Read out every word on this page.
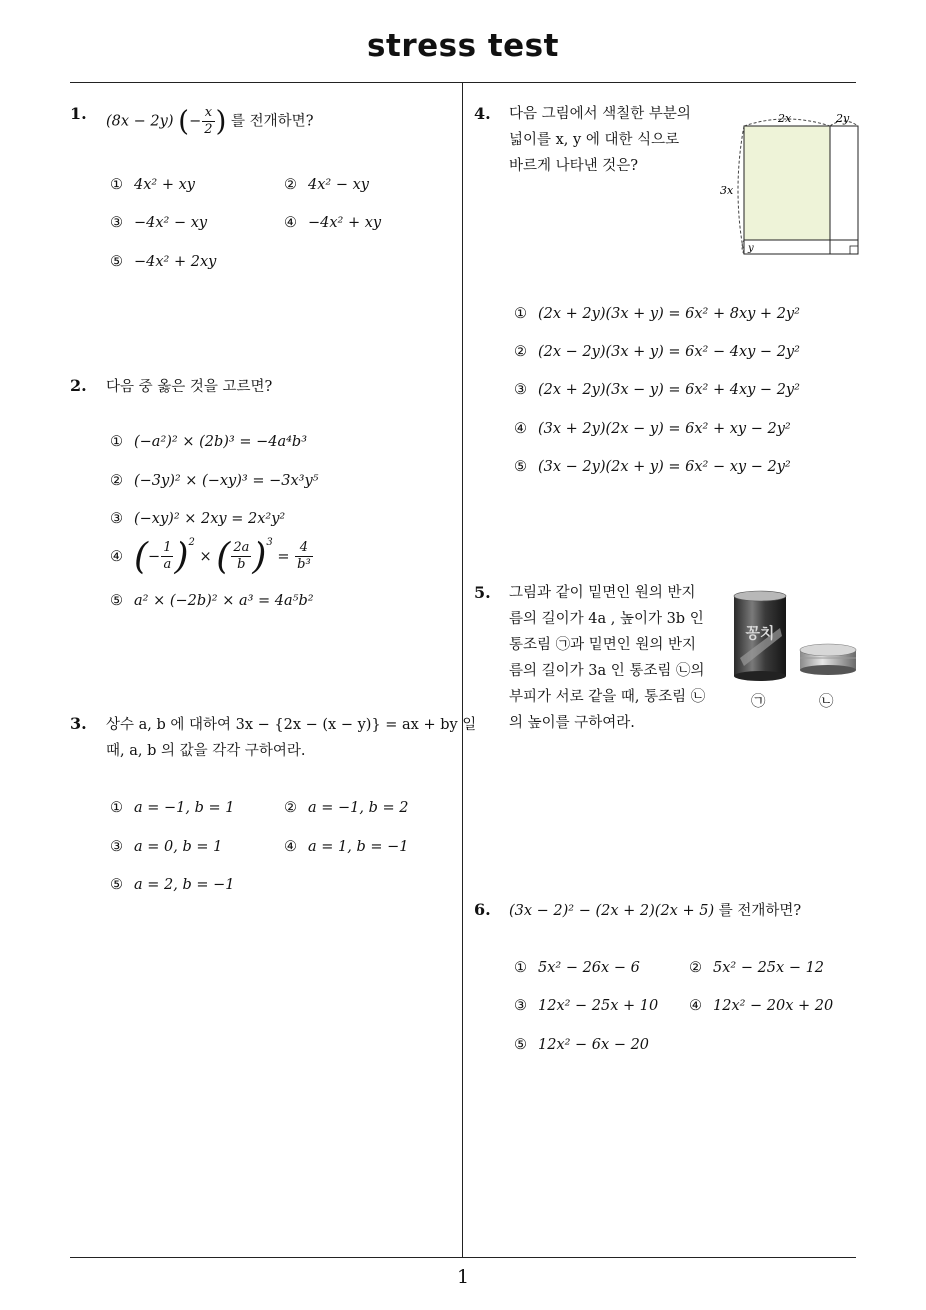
stress test
1
1. (8x − 2y) (− $\frac{x}{2}$ ) 를 전개하면?
① 4x² + xy	② 4x² − xy
③ −4x² − xy	④ −4x² + xy
⑤ −4x² + 2xy
2. 다음 중 옳은 것을 고르면?
① (−a²)² × (2b)³ = −4a⁴b³
② (−3y)² × (−xy)³ = −3x³y⁵
③ (−xy)² × 2xy = 2x²y²
④ (− $\frac{1}{a} )^2$ × ( $\frac{2a}{b} )^3 = \frac{4}{\text{b³}}$
⑤ a² × (−2b)² × a³ = 4a⁵b²
3. 상수 a, b 에 대하여 3x − {2x − (x − y)} = ax + by 일
때, a, b 의 값을 각각 구하여라.
① a = −1, b = 1	② a = −1, b = 2
③ a = 0, b = 1	④ a = 1, b = −1
⑤ a = 2, b = −1
4. 다음 그림에서 색칠한 부분의
넓이를 x, y 에 대한 식으로
바르게 나타낸 것은?
2x	2y
3x
y
① (2x + 2y)(3x + y) = 6x² + 8xy + 2y²
② (2x − 2y)(3x + y) = 6x² − 4xy − 2y²
③ (2x + 2y)(3x − y) = 6x² + 4xy − 2y²
④ (3x + 2y)(2x − y) = 6x² + xy − 2y²
⑤ (3x − 2y)(2x + y) = 6x² − xy − 2y²
5. 그림과 같이 밑면인 원의 반지
름의 길이가 4a , 높이가 3b 인
통조림 ㉠과 밑면인 원의 반지
름의 길이가 3a 인 통조림 ㉡의
부피가 서로 같을 때, 통조림 ㉡
의 높이를 구하여라.
꽁치
㉠	㉡
6. (3x − 2)² − (2x + 2)(2x + 5) 를 전개하면?
① 5x² − 26x − 6	② 5x² − 25x − 12
③ 12x² − 25x + 10 ④ 12x² − 20x + 20
⑤ 12x² − 6x − 20
